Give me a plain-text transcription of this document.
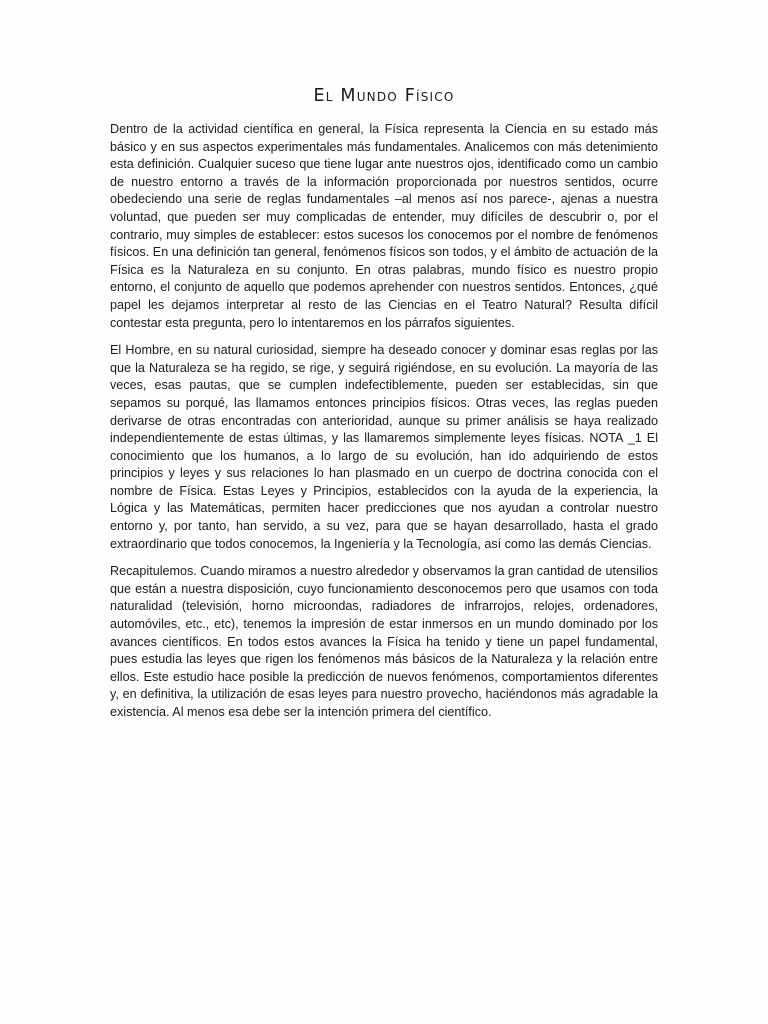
El Mundo Físico

Dentro de la actividad científica en general, la Física representa la Ciencia en su estado más básico y en sus aspectos experimentales más fundamentales. Analicemos con más detenimiento esta definición. Cualquier suceso que tiene lugar ante nuestros ojos, identificado como un cambio de nuestro entorno a través de la información proporcionada por nuestros sentidos, ocurre obedeciendo una serie de reglas fundamentales –al menos así nos parece-, ajenas a nuestra voluntad, que pueden ser muy complicadas de entender, muy difíciles de descubrir o, por el contrario, muy simples de establecer: estos sucesos los conocemos por el nombre de fenómenos físicos. En una definición tan general, fenómenos físicos son todos, y el ámbito de actuación de la Física es la Naturaleza en su conjunto. En otras palabras, mundo físico es nuestro propio entorno, el conjunto de aquello que podemos aprehender con nuestros sentidos. Entonces, ¿qué papel les dejamos interpretar al resto de las Ciencias en el Teatro Natural? Resulta difícil contestar esta pregunta, pero lo intentaremos en los párrafos siguientes.

El Hombre, en su natural curiosidad, siempre ha deseado conocer y dominar esas reglas por las que la Naturaleza se ha regido, se rige, y seguirá rigiéndose, en su evolución. La mayoría de las veces, esas pautas, que se cumplen indefectiblemente, pueden ser establecidas, sin que sepamos su porqué, las llamamos entonces principios físicos. Otras veces, las reglas pueden derivarse de otras encontradas con anterioridad, aunque su primer análisis se haya realizado independientemente de estas últimas, y las llamaremos simplemente leyes físicas. NOTA _1 El conocimiento que los humanos, a lo largo de su evolución, han ido adquiriendo de estos principios y leyes y sus relaciones lo han plasmado en un cuerpo de doctrina conocida con el nombre de Física. Estas Leyes y Principios, establecidos con la ayuda de la experiencia, la Lógica y las Matemáticas, permiten hacer predicciones que nos ayudan a controlar nuestro entorno y, por tanto, han servido, a su vez, para que se hayan desarrollado, hasta el grado extraordinario que todos conocemos, la Ingeniería y la Tecnología, así como las demás Ciencias.

Recapitulemos. Cuando miramos a nuestro alrededor y observamos la gran cantidad de utensilios que están a nuestra disposición, cuyo funcionamiento desconocemos pero que usamos con toda naturalidad (televisión, horno microondas, radiadores de infrarrojos, relojes, ordenadores, automóviles, etc., etc), tenemos la impresión de estar inmersos en un mundo dominado por los avances científicos. En todos estos avances la Física ha tenido y tiene un papel fundamental, pues estudia las leyes que rigen los fenómenos más básicos de la Naturaleza y la relación entre ellos. Este estudio hace posible la predicción de nuevos fenómenos, comportamientos diferentes y, en definitiva, la utilización de esas leyes para nuestro provecho, haciéndonos más agradable la existencia. Al menos esa debe ser la intención primera del científico.
